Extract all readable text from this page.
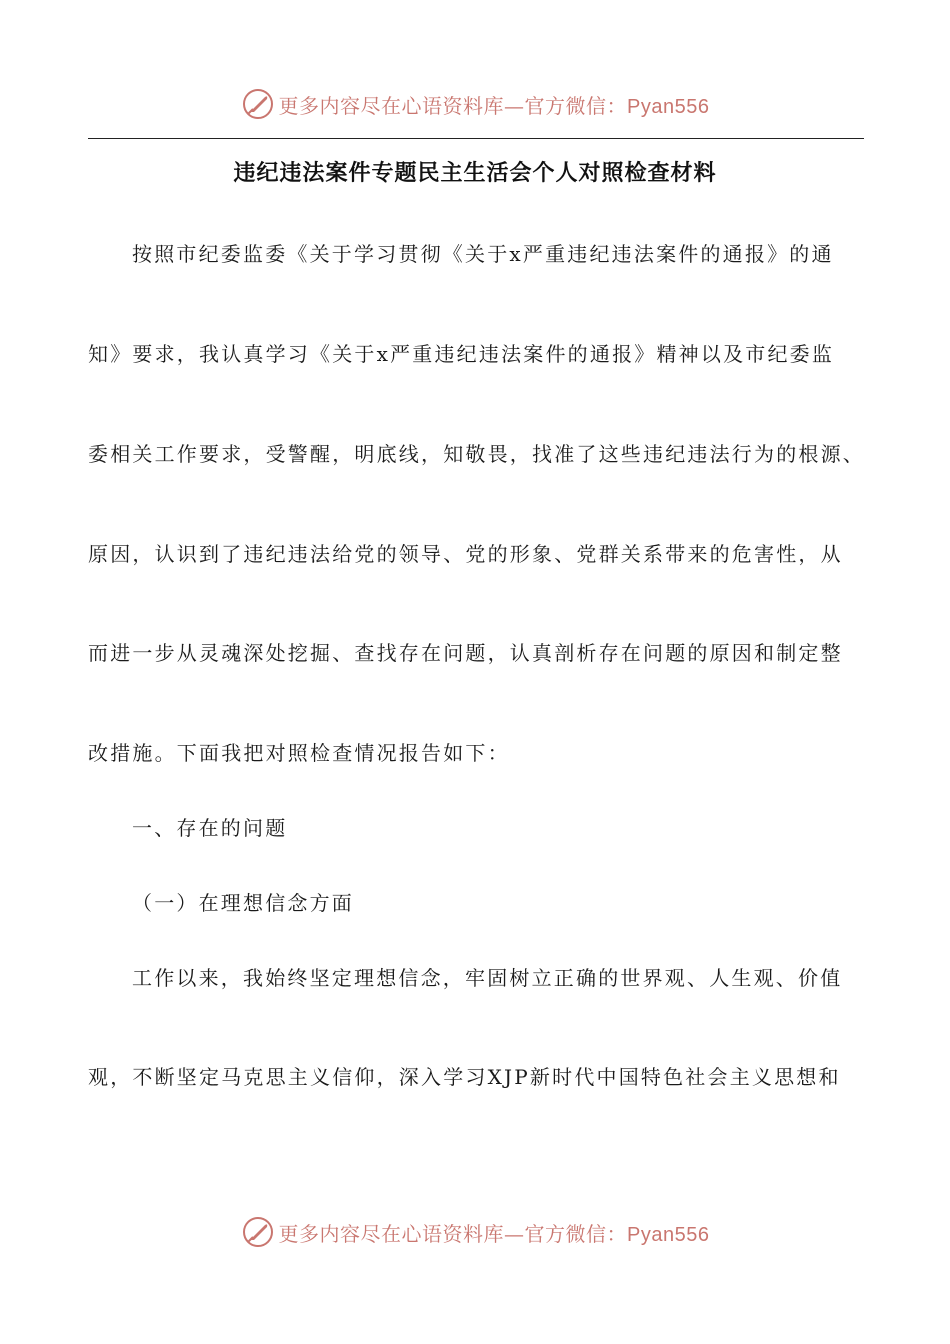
更多内容尽在心语资料库—官方微信：Pyan556
违纪违法案件专题民主生活会个人对照检查材料
按照市纪委监委《关于学习贯彻《关于x严重违纪违法案件的通报》的通
知》要求，我认真学习《关于x严重违纪违法案件的通报》精神以及市纪委监
委相关工作要求，受警醒，明底线，知敬畏，找准了这些违纪违法行为的根源、
原因，认识到了违纪违法给党的领导、党的形象、党群关系带来的危害性，从
而进一步从灵魂深处挖掘、查找存在问题，认真剖析存在问题的原因和制定整
改措施。下面我把对照检查情况报告如下：
一、存在的问题
（一）在理想信念方面
工作以来，我始终坚定理想信念，牢固树立正确的世界观、人生观、价值
观，不断坚定马克思主义信仰，深入学习XJP新时代中国特色社会主义思想和
更多内容尽在心语资料库—官方微信：Pyan556
